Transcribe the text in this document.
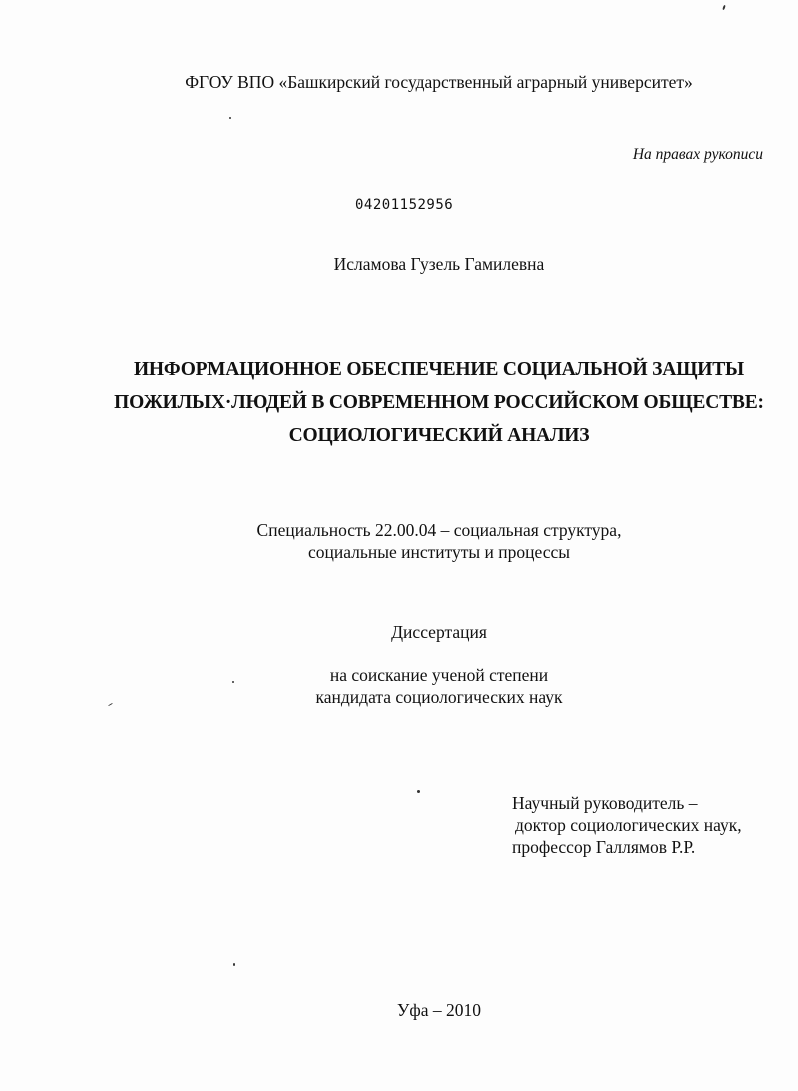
ФГОУ ВПО «Башкирский государственный аграрный университет»
На правах рукописи
04201152956
Исламова Гузель Гамилевна
ИНФОРМАЦИОННОЕ ОБЕСПЕЧЕНИЕ СОЦИАЛЬНОЙ ЗАЩИТЫ
ПОЖИЛЫХ·ЛЮДЕЙ В СОВРЕМЕННОМ РОССИЙСКОМ ОБЩЕСТВЕ:
СОЦИОЛОГИЧЕСКИЙ АНАЛИЗ
Специальность 22.00.04 – социальная структура,
социальные институты и процессы
Диссертация
на соискание ученой степени
кандидата социологических наук
Научный руководитель –
доктор социологических наук,
профессор Галлямов Р.Р.
Уфа – 2010
